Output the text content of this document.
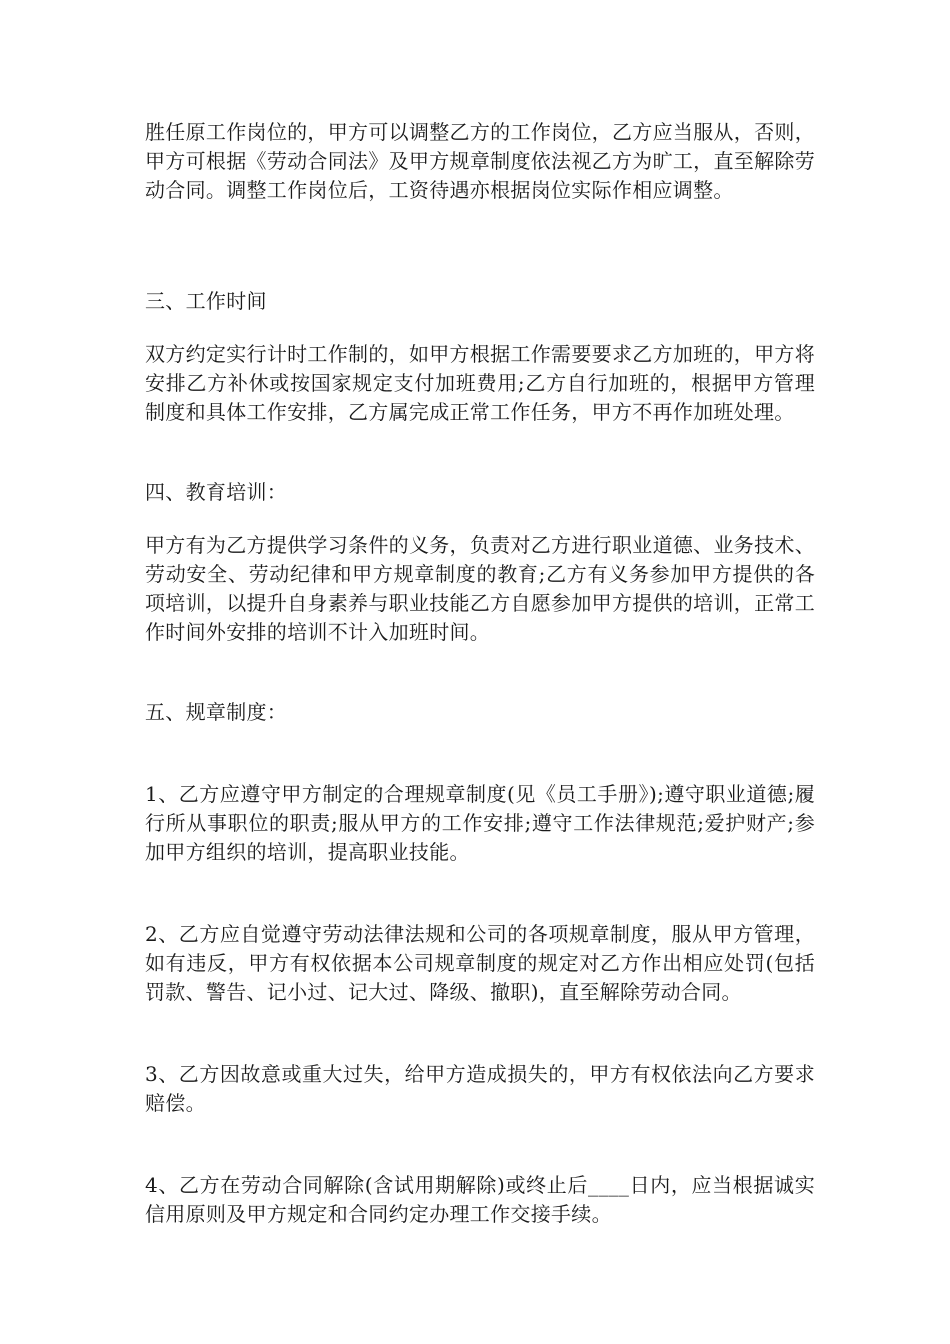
胜任原工作岗位的，甲方可以调整乙方的工作岗位，乙方应当服从，否则，甲方可根据《劳动合同法》及甲方规章制度依法视乙方为旷工，直至解除劳动合同。调整工作岗位后，工资待遇亦根据岗位实际作相应调整。

三、工作时间

双方约定实行计时工作制的，如甲方根据工作需要要求乙方加班的，甲方将安排乙方补休或按国家规定支付加班费用;乙方自行加班的，根据甲方管理制度和具体工作安排，乙方属完成正常工作任务，甲方不再作加班处理。

四、教育培训：

甲方有为乙方提供学习条件的义务，负责对乙方进行职业道德、业务技术、劳动安全、劳动纪律和甲方规章制度的教育;乙方有义务参加甲方提供的各项培训，以提升自身素养与职业技能乙方自愿参加甲方提供的培训，正常工作时间外安排的培训不计入加班时间。

五、规章制度：

1、乙方应遵守甲方制定的合理规章制度(见《员工手册》);遵守职业道德;履行所从事职位的职责;服从甲方的工作安排;遵守工作法律规范;爱护财产;参加甲方组织的培训，提高职业技能。

2、乙方应自觉遵守劳动法律法规和公司的各项规章制度，服从甲方管理，如有违反，甲方有权依据本公司规章制度的规定对乙方作出相应处罚(包括罚款、警告、记小过、记大过、降级、撤职)，直至解除劳动合同。

3、乙方因故意或重大过失，给甲方造成损失的，甲方有权依法向乙方要求赔偿。

4、乙方在劳动合同解除(含试用期解除)或终止后____日内，应当根据诚实信用原则及甲方规定和合同约定办理工作交接手续。
